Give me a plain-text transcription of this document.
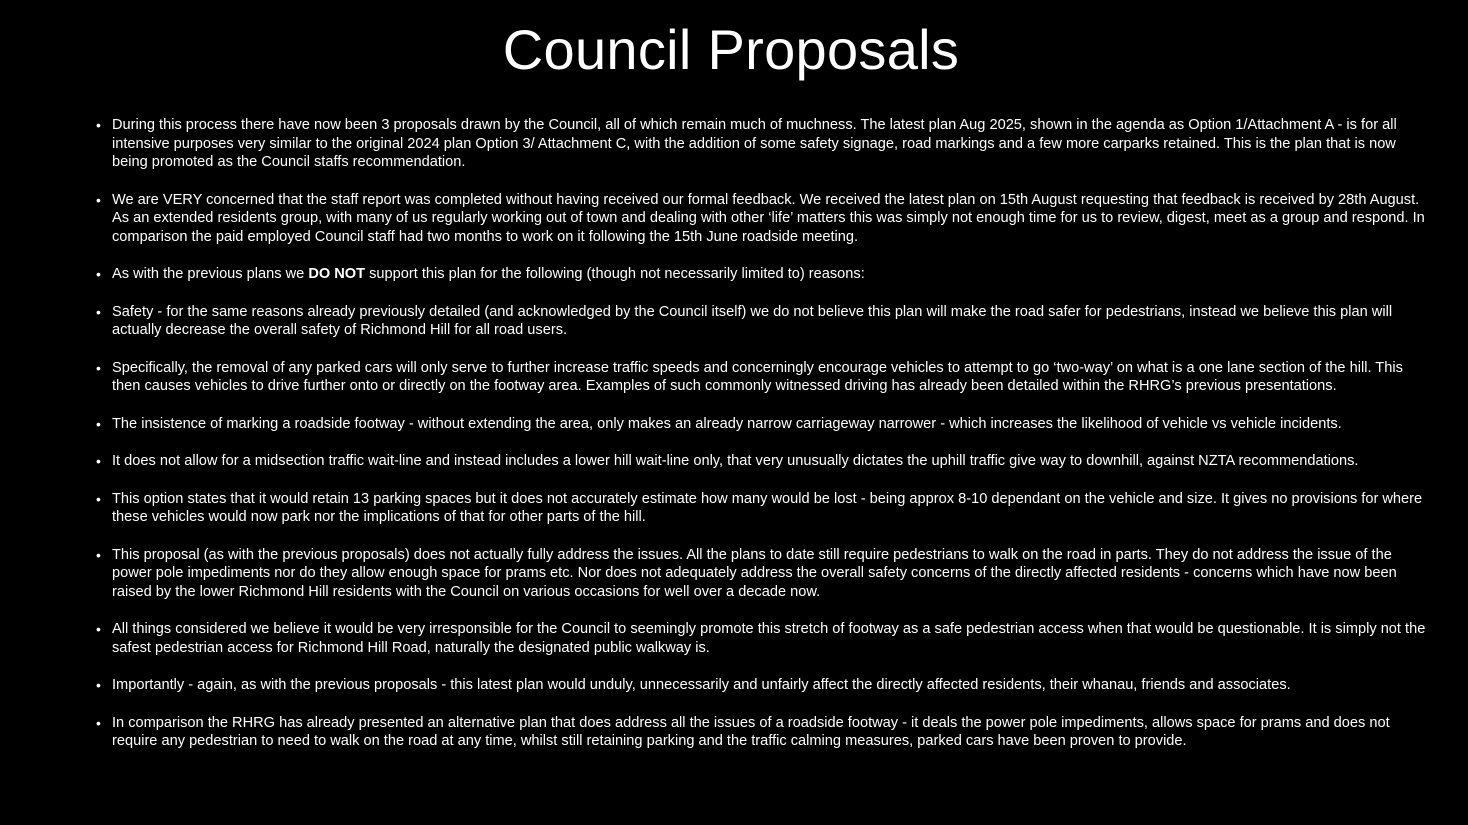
Council Proposals
• During this process there have now been 3 proposals drawn by the Council, all of which remain much of muchness. The latest plan Aug 2025, shown in the agenda as Option 1/Attachment A - is for all intensive purposes very similar to the original 2024 plan Option 3/ Attachment C, with the addition of some safety signage, road markings and a few more carparks retained. This is the plan that is now being promoted as the Council staffs recommendation.
• We are VERY concerned that the staff report was completed without having received our formal feedback. We received the latest plan on 15th August requesting that feedback is received by 28th August. As an extended residents group, with many of us regularly working out of town and dealing with other ‘life’ matters this was simply not enough time for us to review, digest, meet as a group and respond. In comparison the paid employed Council staff had two months to work on it following the 15th June roadside meeting.
• As with the previous plans we DO NOT support this plan for the following (though not necessarily limited to) reasons:
• Safety - for the same reasons already previously detailed (and acknowledged by the Council itself) we do not believe this plan will make the road safer for pedestrians, instead we believe this plan will actually decrease the overall safety of Richmond Hill for all road users.
• Specifically, the removal of any parked cars will only serve to further increase traffic speeds and concerningly encourage vehicles to attempt to go ‘two-way’ on what is a one lane section of the hill. This then causes vehicles to drive further onto or directly on the footway area. Examples of such commonly witnessed driving has already been detailed within the RHRG’s previous presentations.
• The insistence of marking a roadside footway - without extending the area, only makes an already narrow carriageway narrower - which increases the likelihood of vehicle vs vehicle incidents.
• It does not allow for a midsection traffic wait-line and instead includes a lower hill wait-line only, that very unusually dictates the uphill traffic give way to downhill, against NZTA recommendations.
• This option states that it would retain 13 parking spaces but it does not accurately estimate how many would be lost - being approx 8-10 dependant on the vehicle and size. It gives no provisions for where these vehicles would now park nor the implications of that for other parts of the hill.
• This proposal (as with the previous proposals) does not actually fully address the issues. All the plans to date still require pedestrians to walk on the road in parts. They do not address the issue of the power pole impediments nor do they allow enough space for prams etc. Nor does not adequately address the overall safety concerns of the directly affected residents - concerns which have now been raised by the lower Richmond Hill residents with the Council on various occasions for well over a decade now.
• All things considered we believe it would be very irresponsible for the Council to seemingly promote this stretch of footway as a safe pedestrian access when that would be questionable. It is simply not the safest pedestrian access for Richmond Hill Road, naturally the designated public walkway is.
• Importantly - again, as with the previous proposals - this latest plan would unduly, unnecessarily and unfairly affect the directly affected residents, their whanau, friends and associates.
• In comparison the RHRG has already presented an alternative plan that does address all the issues of a roadside footway - it deals the power pole impediments, allows space for prams and does not require any pedestrian to need to walk on the road at any time, whilst still retaining parking and the traffic calming measures, parked cars have been proven to provide.
